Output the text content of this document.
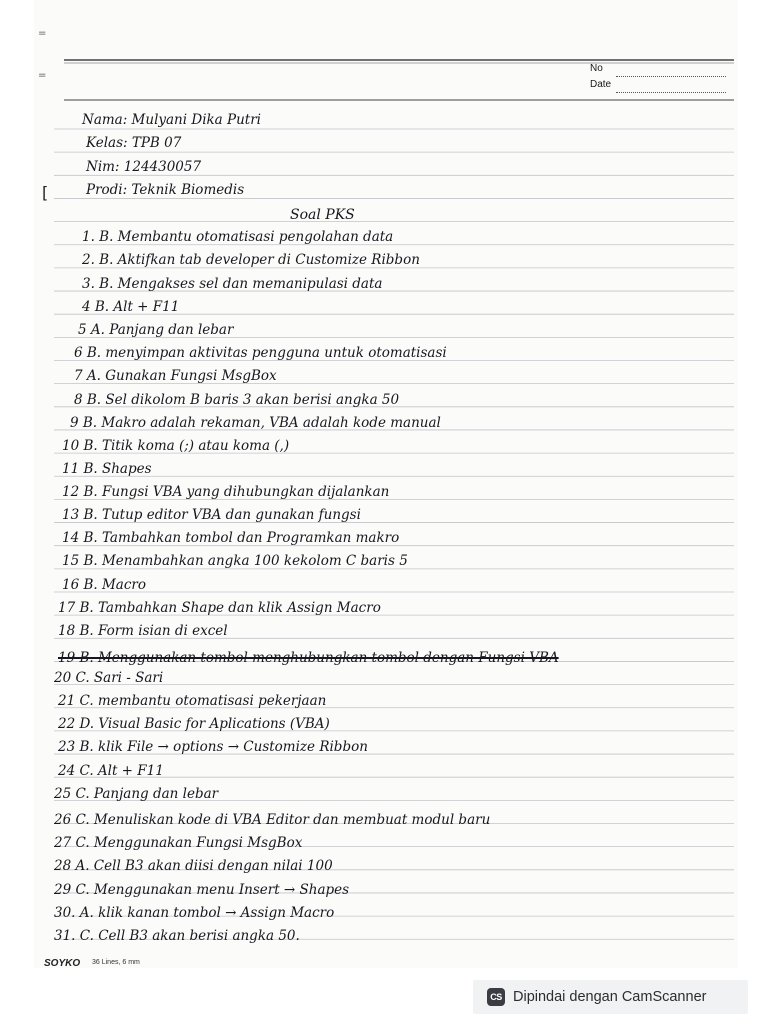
=
=
No
Date
[
Nama: Mulyani Dika Putri
Kelas: TPB 07
Nim: 124430057
Prodi: Teknik Biomedis
Soal PKS
1. B. Membantu otomatisasi pengolahan data
2. B. Aktifkan tab developer di Customize Ribbon
3. B. Mengakses sel dan memanipulasi data
4 B. Alt + F11
5 A. Panjang dan lebar
6 B. menyimpan aktivitas pengguna untuk otomatisasi
7 A. Gunakan Fungsi MsgBox
8 B. Sel dikolom B baris 3 akan berisi angka 50
9 B. Makro adalah rekaman, VBA adalah kode manual
10 B. Titik koma (;) atau koma (,)
11 B. Shapes
12 B. Fungsi VBA yang dihubungkan dijalankan
13 B. Tutup editor VBA dan gunakan fungsi
14 B. Tambahkan tombol dan Programkan makro
15 B. Menambahkan angka 100 kekolom C baris 5
16 B. Macro
17 B. Tambahkan Shape dan klik Assign Macro
18 B. Form isian di excel
19 B. Menggunakan tombol menghubungkan tombol dengan Fungsi VBA
20 C. Sari - Sari
21 C. membantu otomatisasi pekerjaan
22 D. Visual Basic for Aplications (VBA)
23 B. klik File → options → Customize Ribbon
24 C. Alt + F11
25 C. Panjang dan lebar
26 C. Menuliskan kode di VBA Editor dan membuat modul baru
27 C. Menggunakan Fungsi MsgBox
28 A. Cell B3 akan diisi dengan nilai 100
29 C. Menggunakan menu Insert → Shapes
30. A. klik kanan tombol → Assign Macro
31. C. Cell B3 akan berisi angka 50.
SOYKO 36 Lines, 6 mm
CS Dipindai dengan CamScanner
